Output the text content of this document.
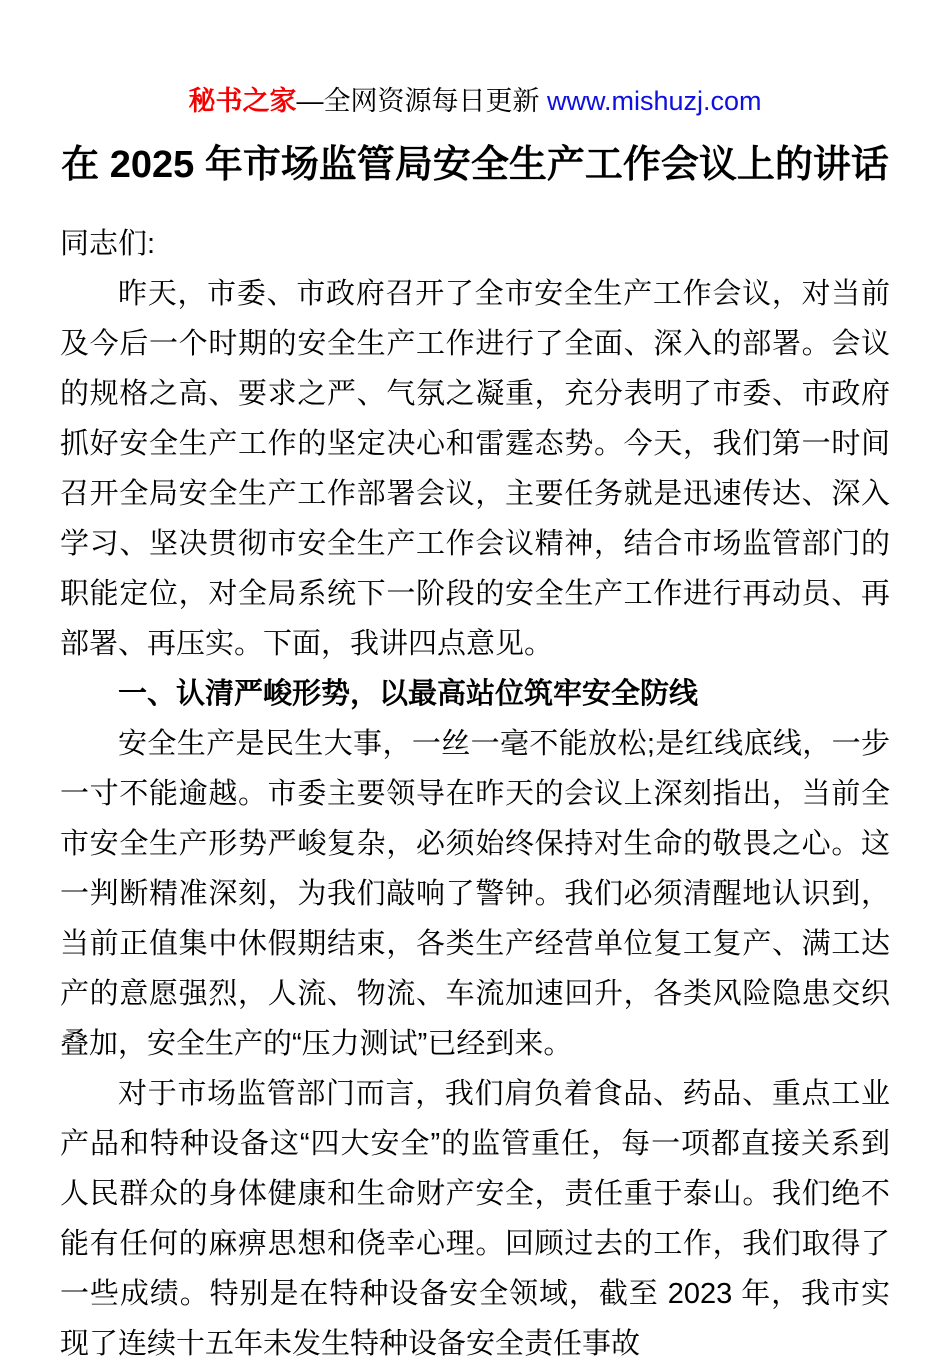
秘书之家—全网资源每日更新 www.mishuzj.com
在 2025 年市场监管局安全生产工作会议上的讲话

同志们:

昨天，市委、市政府召开了全市安全生产工作会议，对当前及今后一个时期的安全生产工作进行了全面、深入的部署。会议的规格之高、要求之严、气氛之凝重，充分表明了市委、市政府抓好安全生产工作的坚定决心和雷霆态势。今天，我们第一时间召开全局安全生产工作部署会议，主要任务就是迅速传达、深入学习、坚决贯彻市安全生产工作会议精神，结合市场监管部门的职能定位，对全局系统下一阶段的安全生产工作进行再动员、再部署、再压实。下面，我讲四点意见。

一、认清严峻形势，以最高站位筑牢安全防线

安全生产是民生大事，一丝一毫不能放松;是红线底线，一步一寸不能逾越。市委主要领导在昨天的会议上深刻指出，当前全市安全生产形势严峻复杂，必须始终保持对生命的敬畏之心。这一判断精准深刻，为我们敲响了警钟。我们必须清醒地认识到，当前正值集中休假期结束，各类生产经营单位复工复产、满工达产的意愿强烈，人流、物流、车流加速回升，各类风险隐患交织叠加，安全生产的“压力测试”已经到来。

对于市场监管部门而言，我们肩负着食品、药品、重点工业产品和特种设备这“四大安全”的监管重任，每一项都直接关系到人民群众的身体健康和生命财产安全，责任重于泰山。我们绝不能有任何的麻痹思想和侥幸心理。回顾过去的工作，我们取得了一些成绩。特别是在特种设备安全领域，截至 2023 年，我市实现了连续十五年未发生特种设备安全责任事故
